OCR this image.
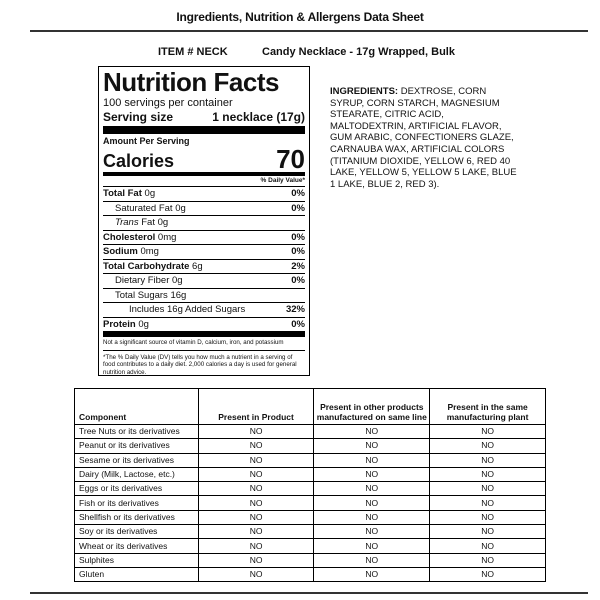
Ingredients, Nutrition & Allergens Data Sheet
ITEM # NECK	Candy Necklace - 17g Wrapped, Bulk
Nutrition Facts
100 servings per container
Serving size	1 necklace (17g)
Amount Per Serving
Calories	70
% Daily Value*
Total Fat 0g	0%
Saturated Fat 0g	0%
Trans Fat 0g
Cholesterol 0mg	0%
Sodium 0mg	0%
Total Carbohydrate 6g	2%
Dietary Fiber 0g	0%
Total Sugars 16g
Includes 16g Added Sugars	32%
Protein 0g	0%
Not a significant source of vitamin D, calcium, iron, and potassium
*The % Daily Value (DV) tells you how much a nutrient in a serving of food contributes to a daily diet. 2,000 calories a day is used for general nutrition advice.
INGREDIENTS: DEXTROSE, CORN SYRUP, CORN STARCH, MAGNESIUM STEARATE, CITRIC ACID, MALTODEXTRIN, ARTIFICIAL FLAVOR, GUM ARABIC, CONFECTIONERS GLAZE, CARNAUBA WAX, ARTIFICIAL COLORS (TITANIUM DIOXIDE, YELLOW 6, RED 40 LAKE, YELLOW 5, YELLOW 5 LAKE, BLUE 1 LAKE, BLUE 2, RED 3).
Component	Present in Product	Present in other products manufactured on same line	Present in the same manufacturing plant
Tree Nuts or its derivatives	NO	NO	NO
Peanut or its derivatives	NO	NO	NO
Sesame or its derivatives	NO	NO	NO
Dairy (Milk, Lactose, etc.)	NO	NO	NO
Eggs or its derivatives	NO	NO	NO
Fish or its derivatives	NO	NO	NO
Shellfish or its derivatives	NO	NO	NO
Soy or its derivatives	NO	NO	NO
Wheat or its derivatives	NO	NO	NO
Sulphites	NO	NO	NO
Gluten	NO	NO	NO
